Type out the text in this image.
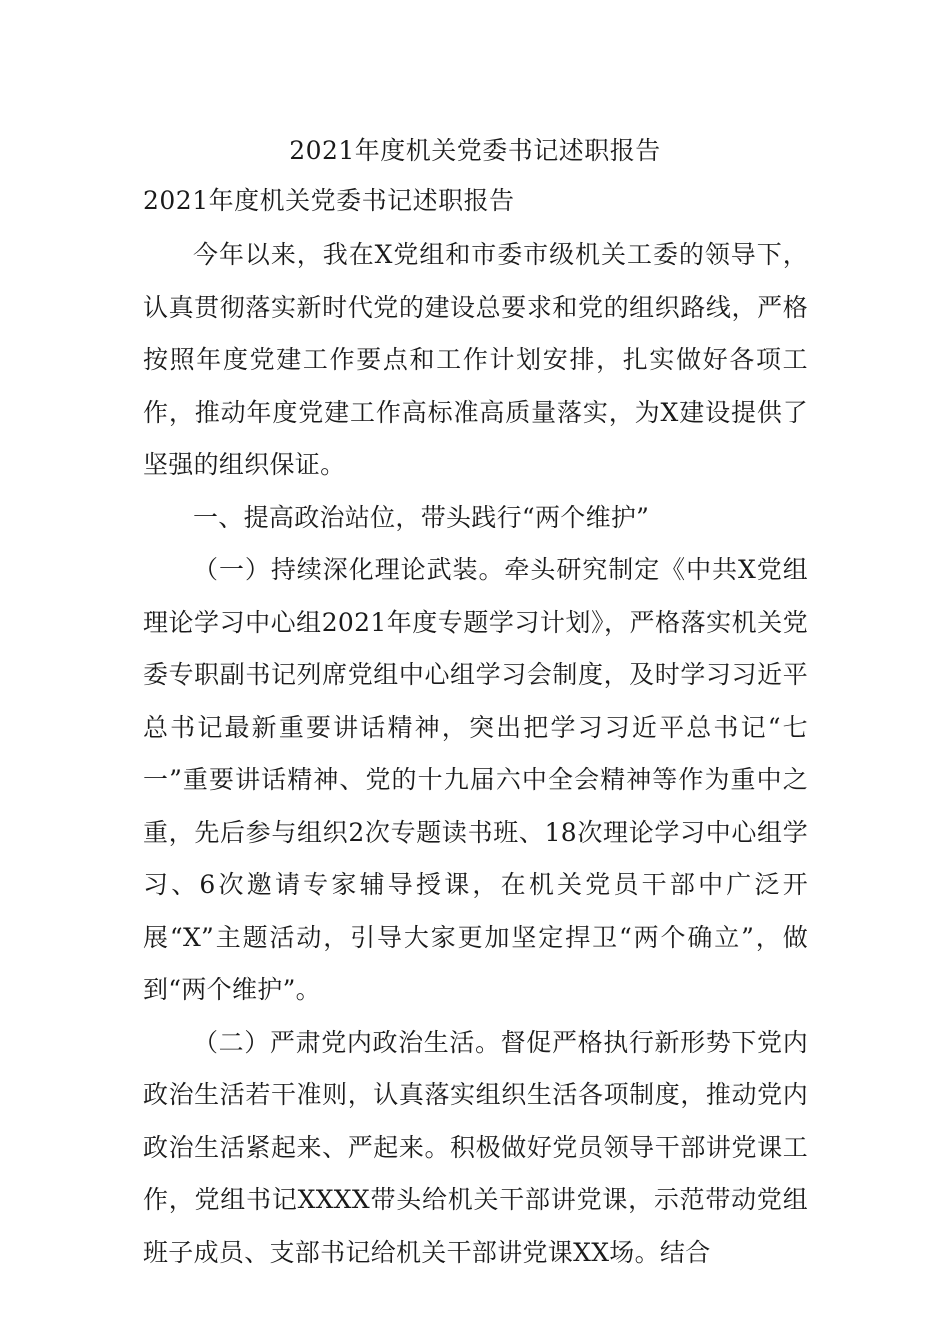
2021年度机关党委书记述职报告
2021年度机关党委书记述职报告

今年以来，我在X党组和市委市级机关工委的领导下，认真贯彻落实新时代党的建设总要求和党的组织路线，严格按照年度党建工作要点和工作计划安排，扎实做好各项工作，推动年度党建工作高标准高质量落实，为X建设提供了坚强的组织保证。

一、提高政治站位，带头践行“两个维护”

（一）持续深化理论武装。牵头研究制定《中共X党组理论学习中心组2021年度专题学习计划》，严格落实机关党委专职副书记列席党组中心组学习会制度，及时学习习近平总书记最新重要讲话精神，突出把学习习近平总书记“七一”重要讲话精神、党的十九届六中全会精神等作为重中之重，先后参与组织2次专题读书班、18次理论学习中心组学习、6次邀请专家辅导授课，在机关党员干部中广泛开展“X”主题活动，引导大家更加坚定捍卫“两个确立”，做到“两个维护”。

（二）严肃党内政治生活。督促严格执行新形势下党内政治生活若干准则，认真落实组织生活各项制度，推动党内政治生活紧起来、严起来。积极做好党员领导干部讲党课工作，党组书记XXXX带头给机关干部讲党课，示范带动党组班子成员、支部书记给机关干部讲党课XX场。结合
